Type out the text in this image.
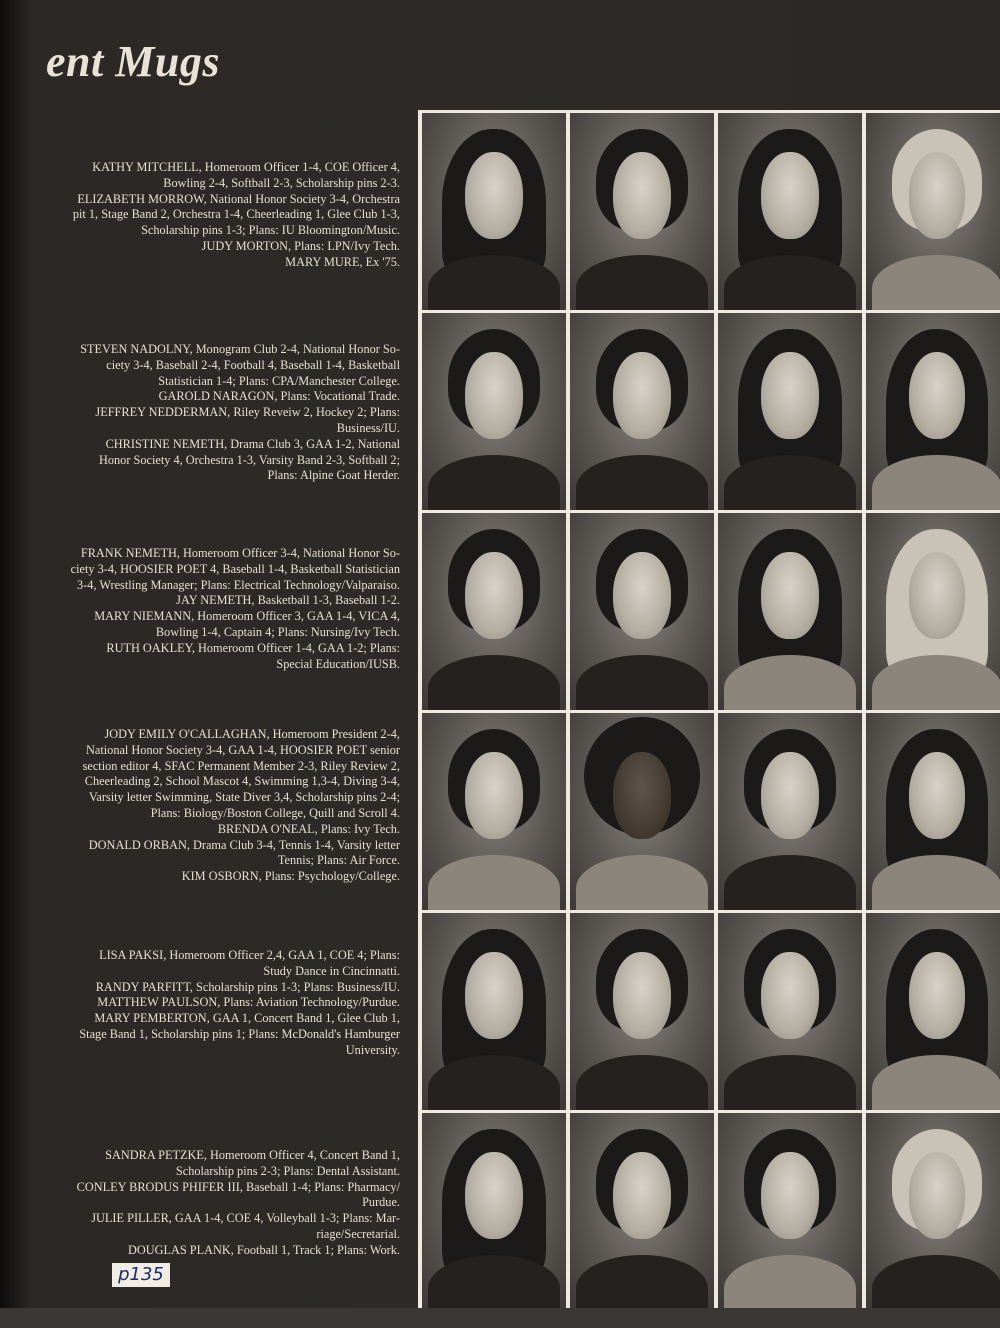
ent Mugs

KATHY MITCHELL, Homeroom Officer 1-4, COE Officer 4,

Bowling 2-4, Softball 2-3, Scholarship pins 2-3.

ELIZABETH MORROW, National Honor Society 3-4, Orchestra

pit 1, Stage Band 2, Orchestra 1-4, Cheerleading 1, Glee Club 1-3,

Scholarship pins 1-3; Plans: IU Bloomington/Music.

JUDY MORTON, Plans: LPN/Ivy Tech.

MARY MURE, Ex '75.

STEVEN NADOLNY, Monogram Club 2-4, National Honor So-

ciety 3-4, Baseball 2-4, Football 4, Baseball 1-4, Basketball

Statistician 1-4; Plans: CPA/Manchester College.

GAROLD NARAGON, Plans: Vocational Trade.

JEFFREY NEDDERMAN, Riley Reveiw 2, Hockey 2; Plans:

Business/IU.

CHRISTINE NEMETH, Drama Club 3, GAA 1-2, National

Honor Society 4, Orchestra 1-3, Varsity Band 2-3, Softball 2;

Plans: Alpine Goat Herder.

FRANK NEMETH, Homeroom Officer 3-4, National Honor So-

ciety 3-4, HOOSIER POET 4, Baseball 1-4, Basketball Statistician

3-4, Wrestling Manager; Plans: Electrical Technology/Valparaiso.

JAY NEMETH, Basketball 1-3, Baseball 1-2.

MARY NIEMANN, Homeroom Officer 3, GAA 1-4, VICA 4,

Bowling 1-4, Captain 4; Plans: Nursing/Ivy Tech.

RUTH OAKLEY, Homeroom Officer 1-4, GAA 1-2; Plans:

Special Education/IUSB.

JODY EMILY O'CALLAGHAN, Homeroom President 2-4,

National Honor Society 3-4, GAA 1-4, HOOSIER POET senior

section editor 4, SFAC Permanent Member 2-3, Riley Review 2,

Cheerleading 2, School Mascot 4, Swimming 1,3-4, Diving 3-4,

Varsity letter Swimming, State Diver 3,4, Scholarship pins 2-4;

Plans: Biology/Boston College, Quill and Scroll 4.

BRENDA O'NEAL, Plans: Ivy Tech.

DONALD ORBAN, Drama Club 3-4, Tennis 1-4, Varsity letter

Tennis; Plans: Air Force.

KIM OSBORN, Plans: Psychology/College.

LISA PAKSI, Homeroom Officer 2,4, GAA 1, COE 4; Plans:

Study Dance in Cincinnatti.

RANDY PARFITT, Scholarship pins 1-3; Plans: Business/IU.

MATTHEW PAULSON, Plans: Aviation Technology/Purdue.

MARY PEMBERTON, GAA 1, Concert Band 1, Glee Club 1,

Stage Band 1, Scholarship pins 1; Plans: McDonald's Hamburger

University.

SANDRA PETZKE, Homeroom Officer 4, Concert Band 1,

Scholarship pins 2-3; Plans: Dental Assistant.

CONLEY BRODUS PHIFER III, Baseball 1-4; Plans: Pharmacy/

Purdue.

JULIE PILLER, GAA 1-4, COE 4, Volleyball 1-3; Plans: Mar-

riage/Secretarial.

DOUGLAS PLANK, Football 1, Track 1; Plans: Work.

p135
